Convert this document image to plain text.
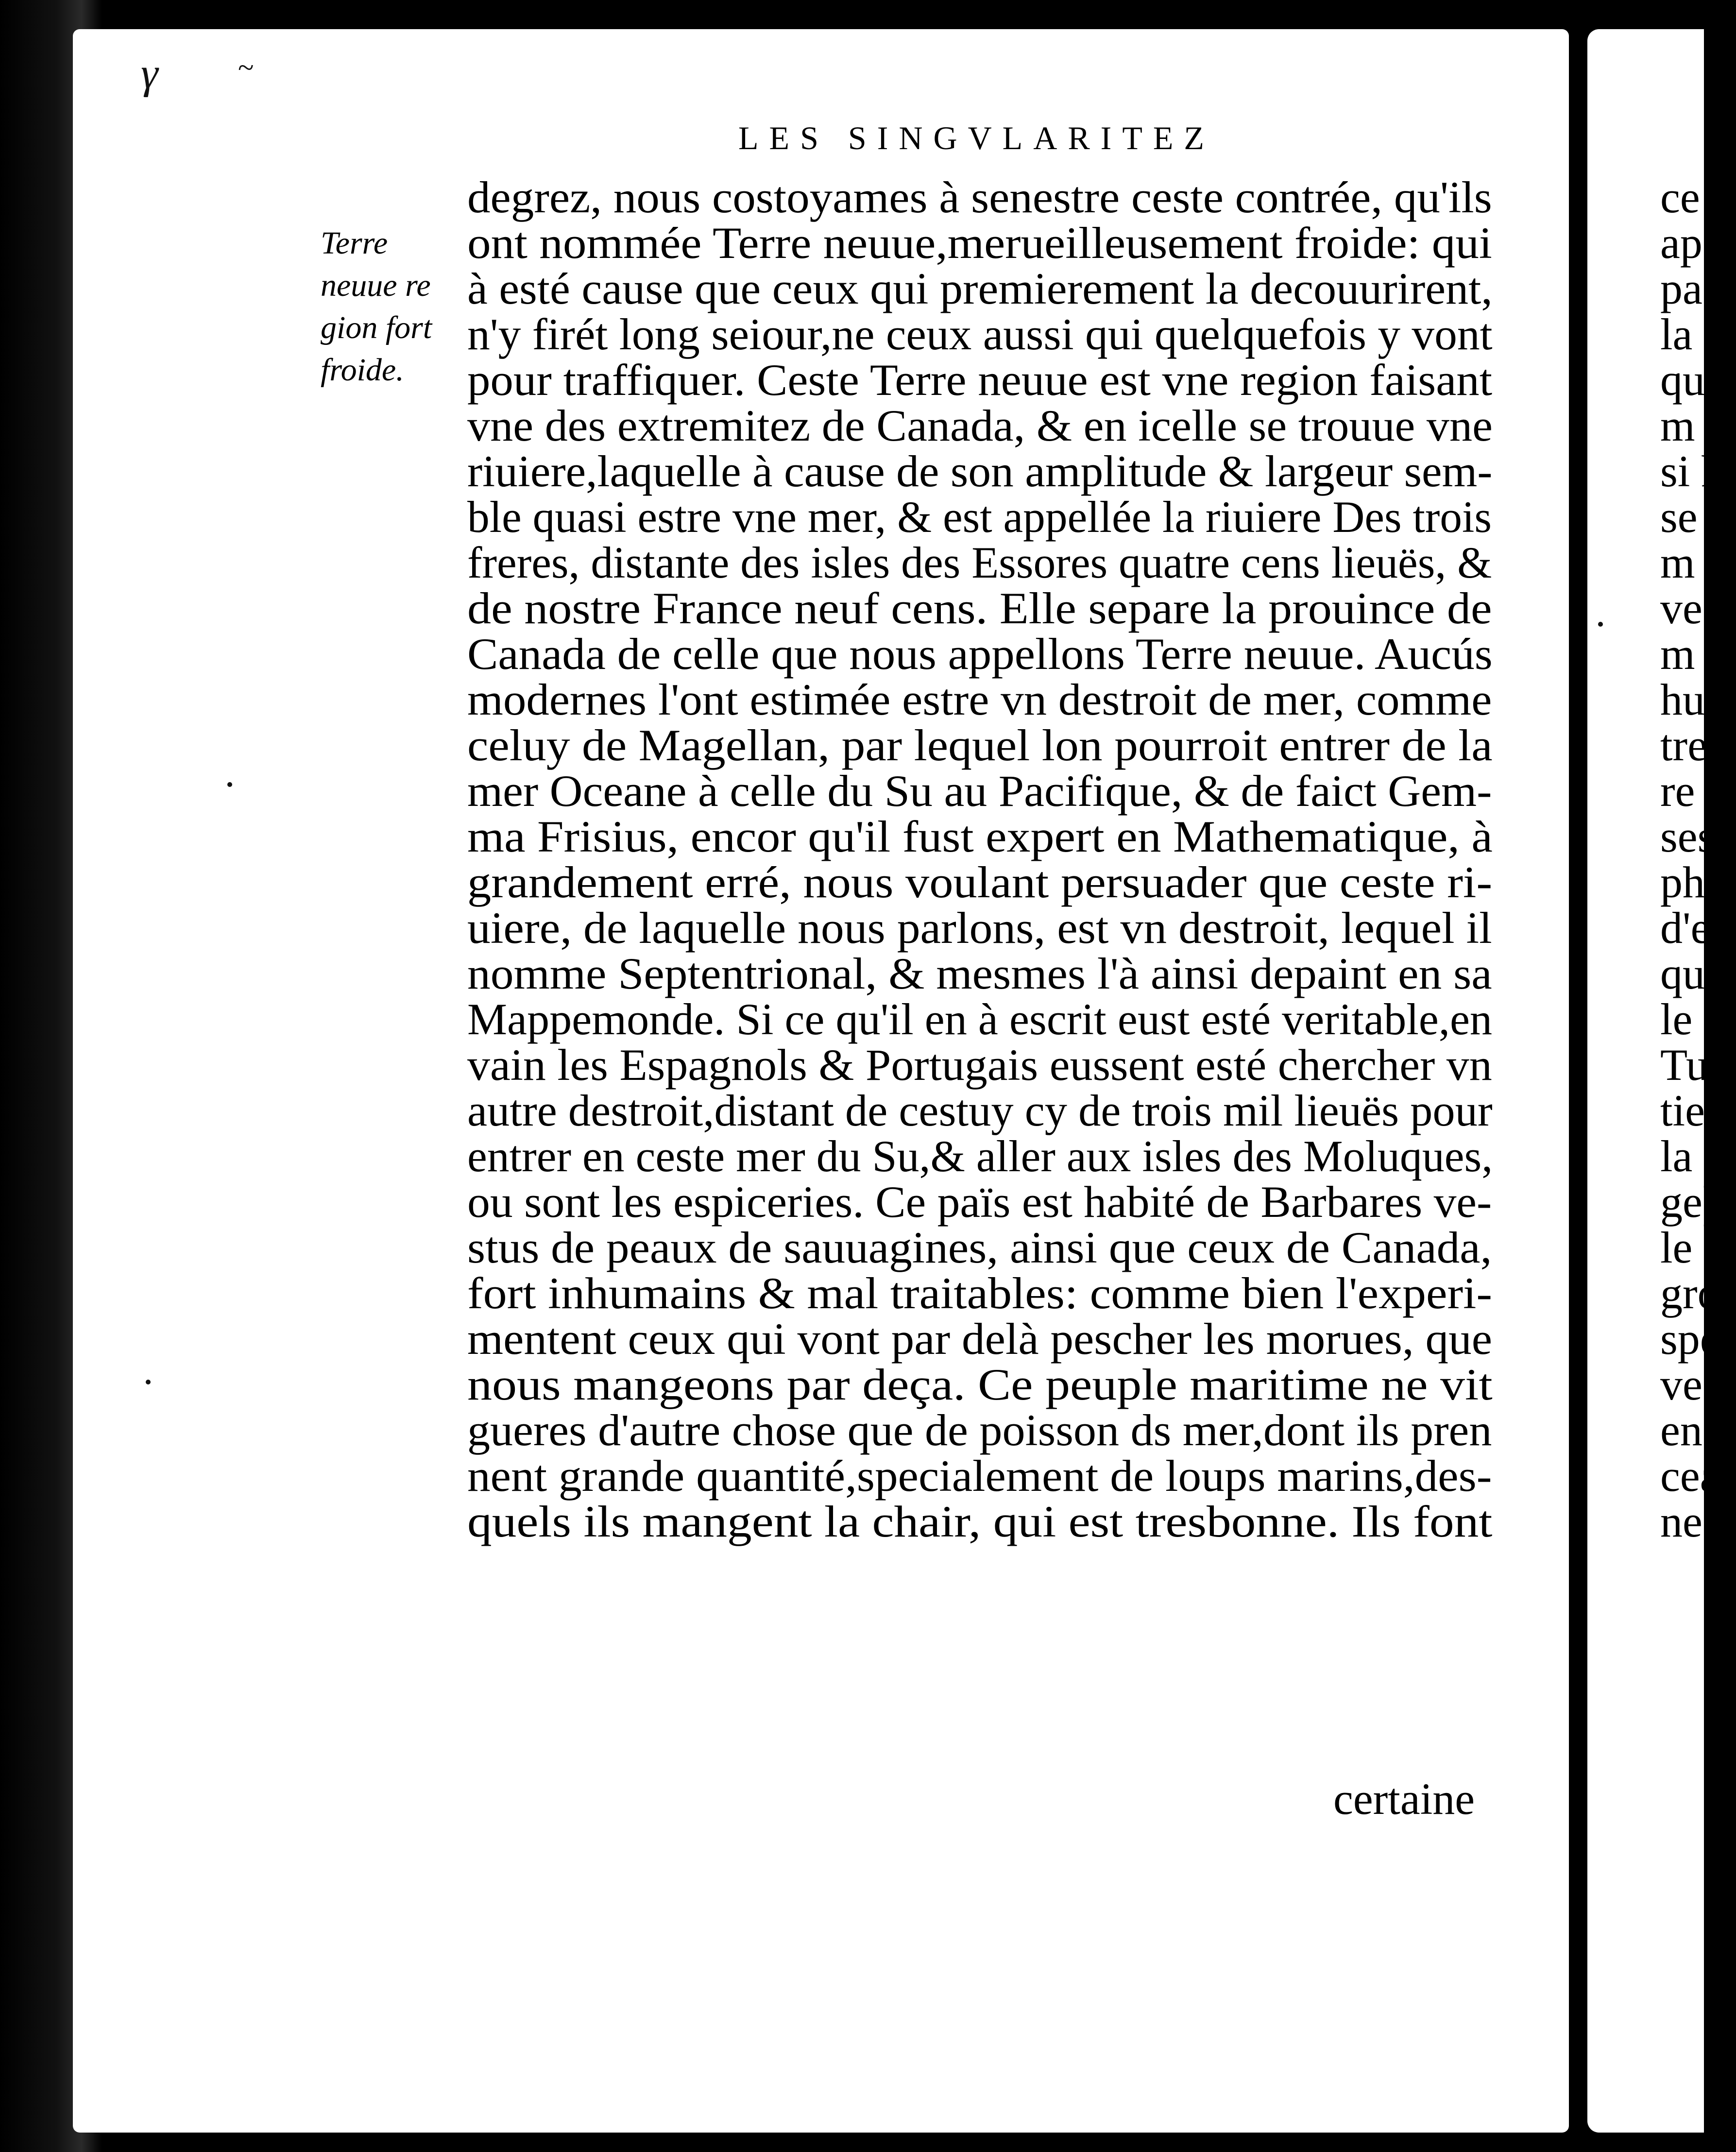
γ	~
LES SINGVLARITEZ
Terre
neuue re
gion fort
froide.
degrez, nous costoyames à senestre ceste contrée, qu'ils
ont nommée Terre neuue,merueilleusement froide: qui
à esté cause que ceux qui premierement la decouurirent,
n'y firét long seiour,ne ceux aussi qui quelquefois y vont
pour traffiquer. Ceste Terre neuue est vne region faisant
vne des extremitez de Canada, & en icelle se trouue vne
riuiere,laquelle à cause de son amplitude & largeur sem-
ble quasi estre vne mer, & est appellée la riuiere Des trois
freres, distante des isles des Essores quatre cens lieuës, &
de nostre France neuf cens. Elle separe la prouince de
Canada de celle que nous appellons Terre neuue. Aucús
modernes l'ont estimée estre vn destroit de mer, comme
celuy de Magellan, par lequel lon pourroit entrer de la
mer Oceane à celle du Su au Pacifique, & de faict Gem-
ma Frisius, encor qu'il fust expert en Mathematique, à
grandement erré, nous voulant persuader que ceste ri-
uiere, de laquelle nous parlons, est vn destroit, lequel il
nomme Septentrional, & mesmes l'à ainsi depaint en sa
Mappemonde. Si ce qu'il en à escrit eust esté veritable,en
vain les Espagnols & Portugais eussent esté chercher vn
autre destroit,distant de cestuy cy de trois mil lieuës pour
entrer en ceste mer du Su,& aller aux isles des Moluques,
ou sont les espiceries. Ce païs est habité de Barbares ve-
stus de peaux de sauuagines, ainsi que ceux de Canada,
fort inhumains & mal traitables: comme bien l'experi-
mentent ceux qui vont par delà pescher les morues, que
nous mangeons par deça. Ce peuple maritime ne vit
gueres d'autre chose que de poisson ds mer,dont ils pren
nent grande quantité,specialement de loups marins,des-
quels ils mangent la chair, qui est tresbonne. Ils font
certaine
ce
ap
pa
la
qu
m
si h
se r
m
ve
m
hu
tre
re
ses
ph
d'e
qu
le g
Tu
tie
la h
ge)
le p
gro
spe
ve
en p
cea
ne s
